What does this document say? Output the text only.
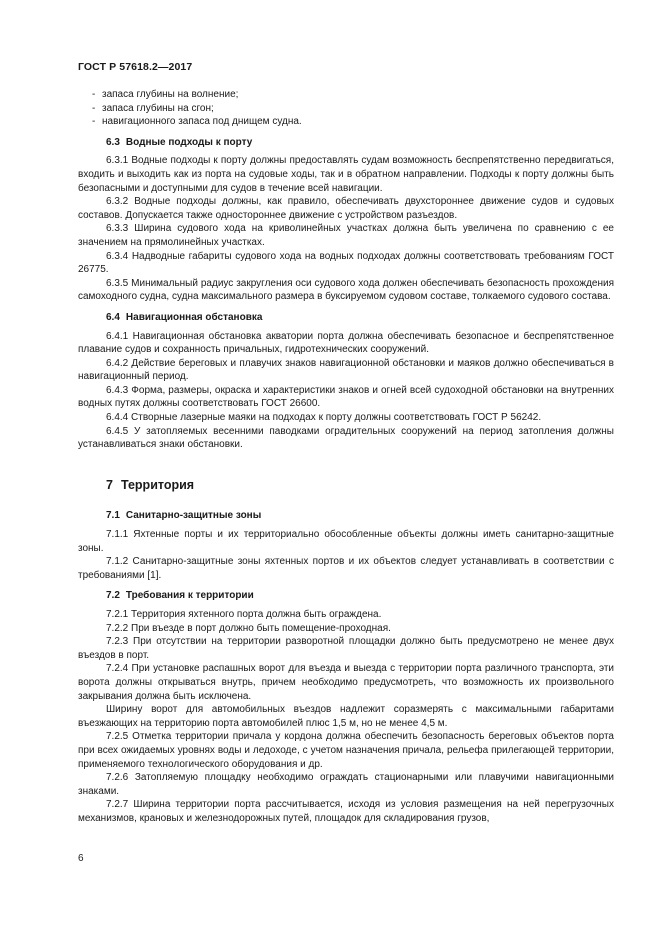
ГОСТ Р 57618.2—2017

- запаса глубины на волнение;

- запаса глубины на сгон;

- навигационного запаса под днищем судна.

6.3 Водные подходы к порту

6.3.1 Водные подходы к порту должны предоставлять судам возможность беспрепятственно передвигаться, входить и выходить как из порта на судовые ходы, так и в обратном направлении. Подходы к порту должны быть безопасными и доступными для судов в течение всей навигации.

6.3.2 Водные подходы должны, как правило, обеспечивать двухстороннее движение судов и судовых составов. Допускается также одностороннее движение с устройством разъездов.

6.3.3 Ширина судового хода на криволинейных участках должна быть увеличена по сравнению с ее значением на прямолинейных участках.

6.3.4 Надводные габариты судового хода на водных подходах должны соответствовать требованиям ГОСТ 26775.

6.3.5 Минимальный радиус закругления оси судового хода должен обеспечивать безопасность прохождения самоходного судна, судна максимального размера в буксируемом судовом составе, толкаемого судового состава.

6.4 Навигационная обстановка

6.4.1 Навигационная обстановка акватории порта должна обеспечивать безопасное и беспрепятственное плавание судов и сохранность причальных, гидротехнических сооружений.

6.4.2 Действие береговых и плавучих знаков навигационной обстановки и маяков должно обеспечиваться в навигационный период.

6.4.3 Форма, размеры, окраска и характеристики знаков и огней всей судоходной обстановки на внутренних водных путях должны соответствовать ГОСТ 26600.

6.4.4 Створные лазерные маяки на подходах к порту должны соответствовать ГОСТ Р 56242.

6.4.5 У затопляемых весенними паводками оградительных сооружений на период затопления должны устанавливаться знаки обстановки.

7 Территория

7.1 Санитарно-защитные зоны

7.1.1 Яхтенные порты и их территориально обособленные объекты должны иметь санитарно-защитные зоны.

7.1.2 Санитарно-защитные зоны яхтенных портов и их объектов следует устанавливать в соответствии с требованиями [1].

7.2 Требования к территории

7.2.1 Территория яхтенного порта должна быть ограждена.

7.2.2 При въезде в порт должно быть помещение-проходная.

7.2.3 При отсутствии на территории разворотной площадки должно быть предусмотрено не менее двух въездов в порт.

7.2.4 При установке распашных ворот для въезда и выезда с территории порта различного транспорта, эти ворота должны открываться внутрь, причем необходимо предусмотреть, что возможность их произвольного закрывания должна быть исключена.

Ширину ворот для автомобильных въездов надлежит соразмерять с максимальными габаритами въезжающих на территорию порта автомобилей плюс 1,5 м, но не менее 4,5 м.

7.2.5 Отметка территории причала у кордона должна обеспечить безопасность береговых объектов порта при всех ожидаемых уровнях воды и ледоходе, с учетом назначения причала, рельефа прилегающей территории, применяемого технологического оборудования и др.

7.2.6 Затопляемую площадку необходимо ограждать стационарными или плавучими навигационными знаками.

7.2.7 Ширина территории порта рассчитывается, исходя из условия размещения на ней перегрузочных механизмов, крановых и железнодорожных путей, площадок для складирования грузов,

6
